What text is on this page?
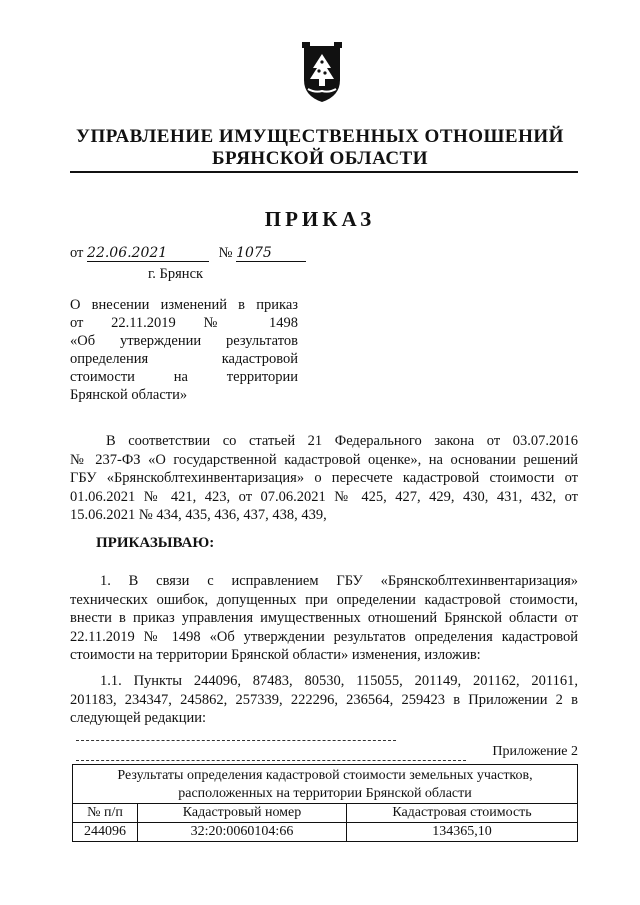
УПРАВЛЕНИЕ ИМУЩЕСТВЕННЫХ ОТНОШЕНИЙ
БРЯНСКОЙ ОБЛАСТИ
ПРИКАЗ
от 22.06.2021	№ 1075
г. Брянск
О внесении изменений в приказ
от 22.11.2019 № 1498
«Об утверждении результатов
определения кадастровой
стоимости на территории
Брянской области»
В соответствии со статьей 21 Федерального закона от 03.07.2016
№ 237-ФЗ «О государственной кадастровой оценке», на основании решений
ГБУ «Брянскоблтехинвентаризация» о пересчете кадастровой стоимости от
01.06.2021 № 421, 423, от 07.06.2021 № 425, 427, 429, 430, 431, 432, от
15.06.2021 № 434, 435, 436, 437, 438, 439,
ПРИКАЗЫВАЮ:
1. В связи с исправлением ГБУ «Брянскоблтехинвентаризация»
технических ошибок, допущенных при определении кадастровой стоимости,
внести в приказ управления имущественных отношений Брянской области от
22.11.2019 № 1498 «Об утверждении результатов определения кадастровой
стоимости на территории Брянской области» изменения, изложив:
1.1. Пункты 244096, 87483, 80530, 115055, 201149, 201162, 201161,
201183, 234347, 245862, 257339, 222296, 236564, 259423 в Приложении 2 в
следующей редакции:
Приложение 2
Результаты определения кадастровой стоимости земельных участков,
расположенных на территории Брянской области		

№ п/п	Кадастровый номер	Кадастровая стоимость
244096	32:20:0060104:66	134365,10
